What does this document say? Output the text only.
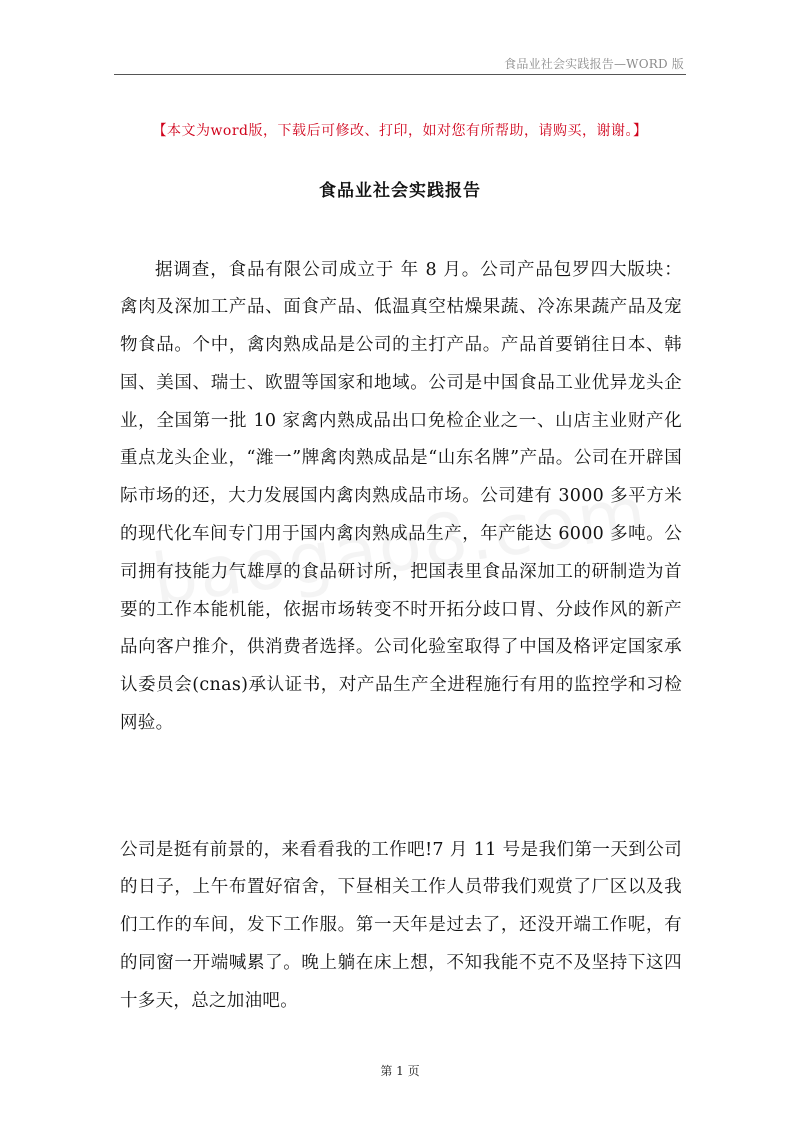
食品业社会实践报告—WORD 版
【本文为word版，下载后可修改、打印，如对您有所帮助，请购买，谢谢。】
食品业社会实践报告

据调查，食品有限公司成立于 年 8 月。公司产品包罗四大版块：禽肉及深加工产品、面食产品、低温真空枯燥果蔬、冷冻果蔬产品及宠物食品。个中，禽肉熟成品是公司的主打产品。产品首要销往日本、韩国、美国、瑞士、欧盟等国家和地域。公司是中国食品工业优异龙头企业，全国第一批 10 家禽内熟成品出口免检企业之一、山店主业财产化重点龙头企业，“潍一”牌禽肉熟成品是“山东名牌”产品。公司在开辟国际市场的还，大力发展国内禽肉熟成品市场。公司建有 3000 多平方米的现代化车间专门用于国内禽肉熟成品生产，年产能达 6000 多吨。公司拥有技能力气雄厚的食品研讨所，把国表里食品深加工的研制造为首要的工作本能机能，依据市场转变不时开拓分歧口胃、分歧作风的新产品向客户推介，供消费者选择。公司化验室取得了中国及格评定国家承认委员会(cnas)承认证书，对产品生产全进程施行有用的监控学和习检网验。

公司是挺有前景的，来看看我的工作吧!7 月 11 号是我们第一天到公司的日子，上午布置好宿舍，下昼相关工作人员带我们观赏了厂区以及我们工作的车间，发下工作服。第一天年是过去了，还没开端工作呢，有的同窗一开端喊累了。晚上躺在床上想，不知我能不克不及坚持下这四十多天，总之加油吧。

第 1 页
